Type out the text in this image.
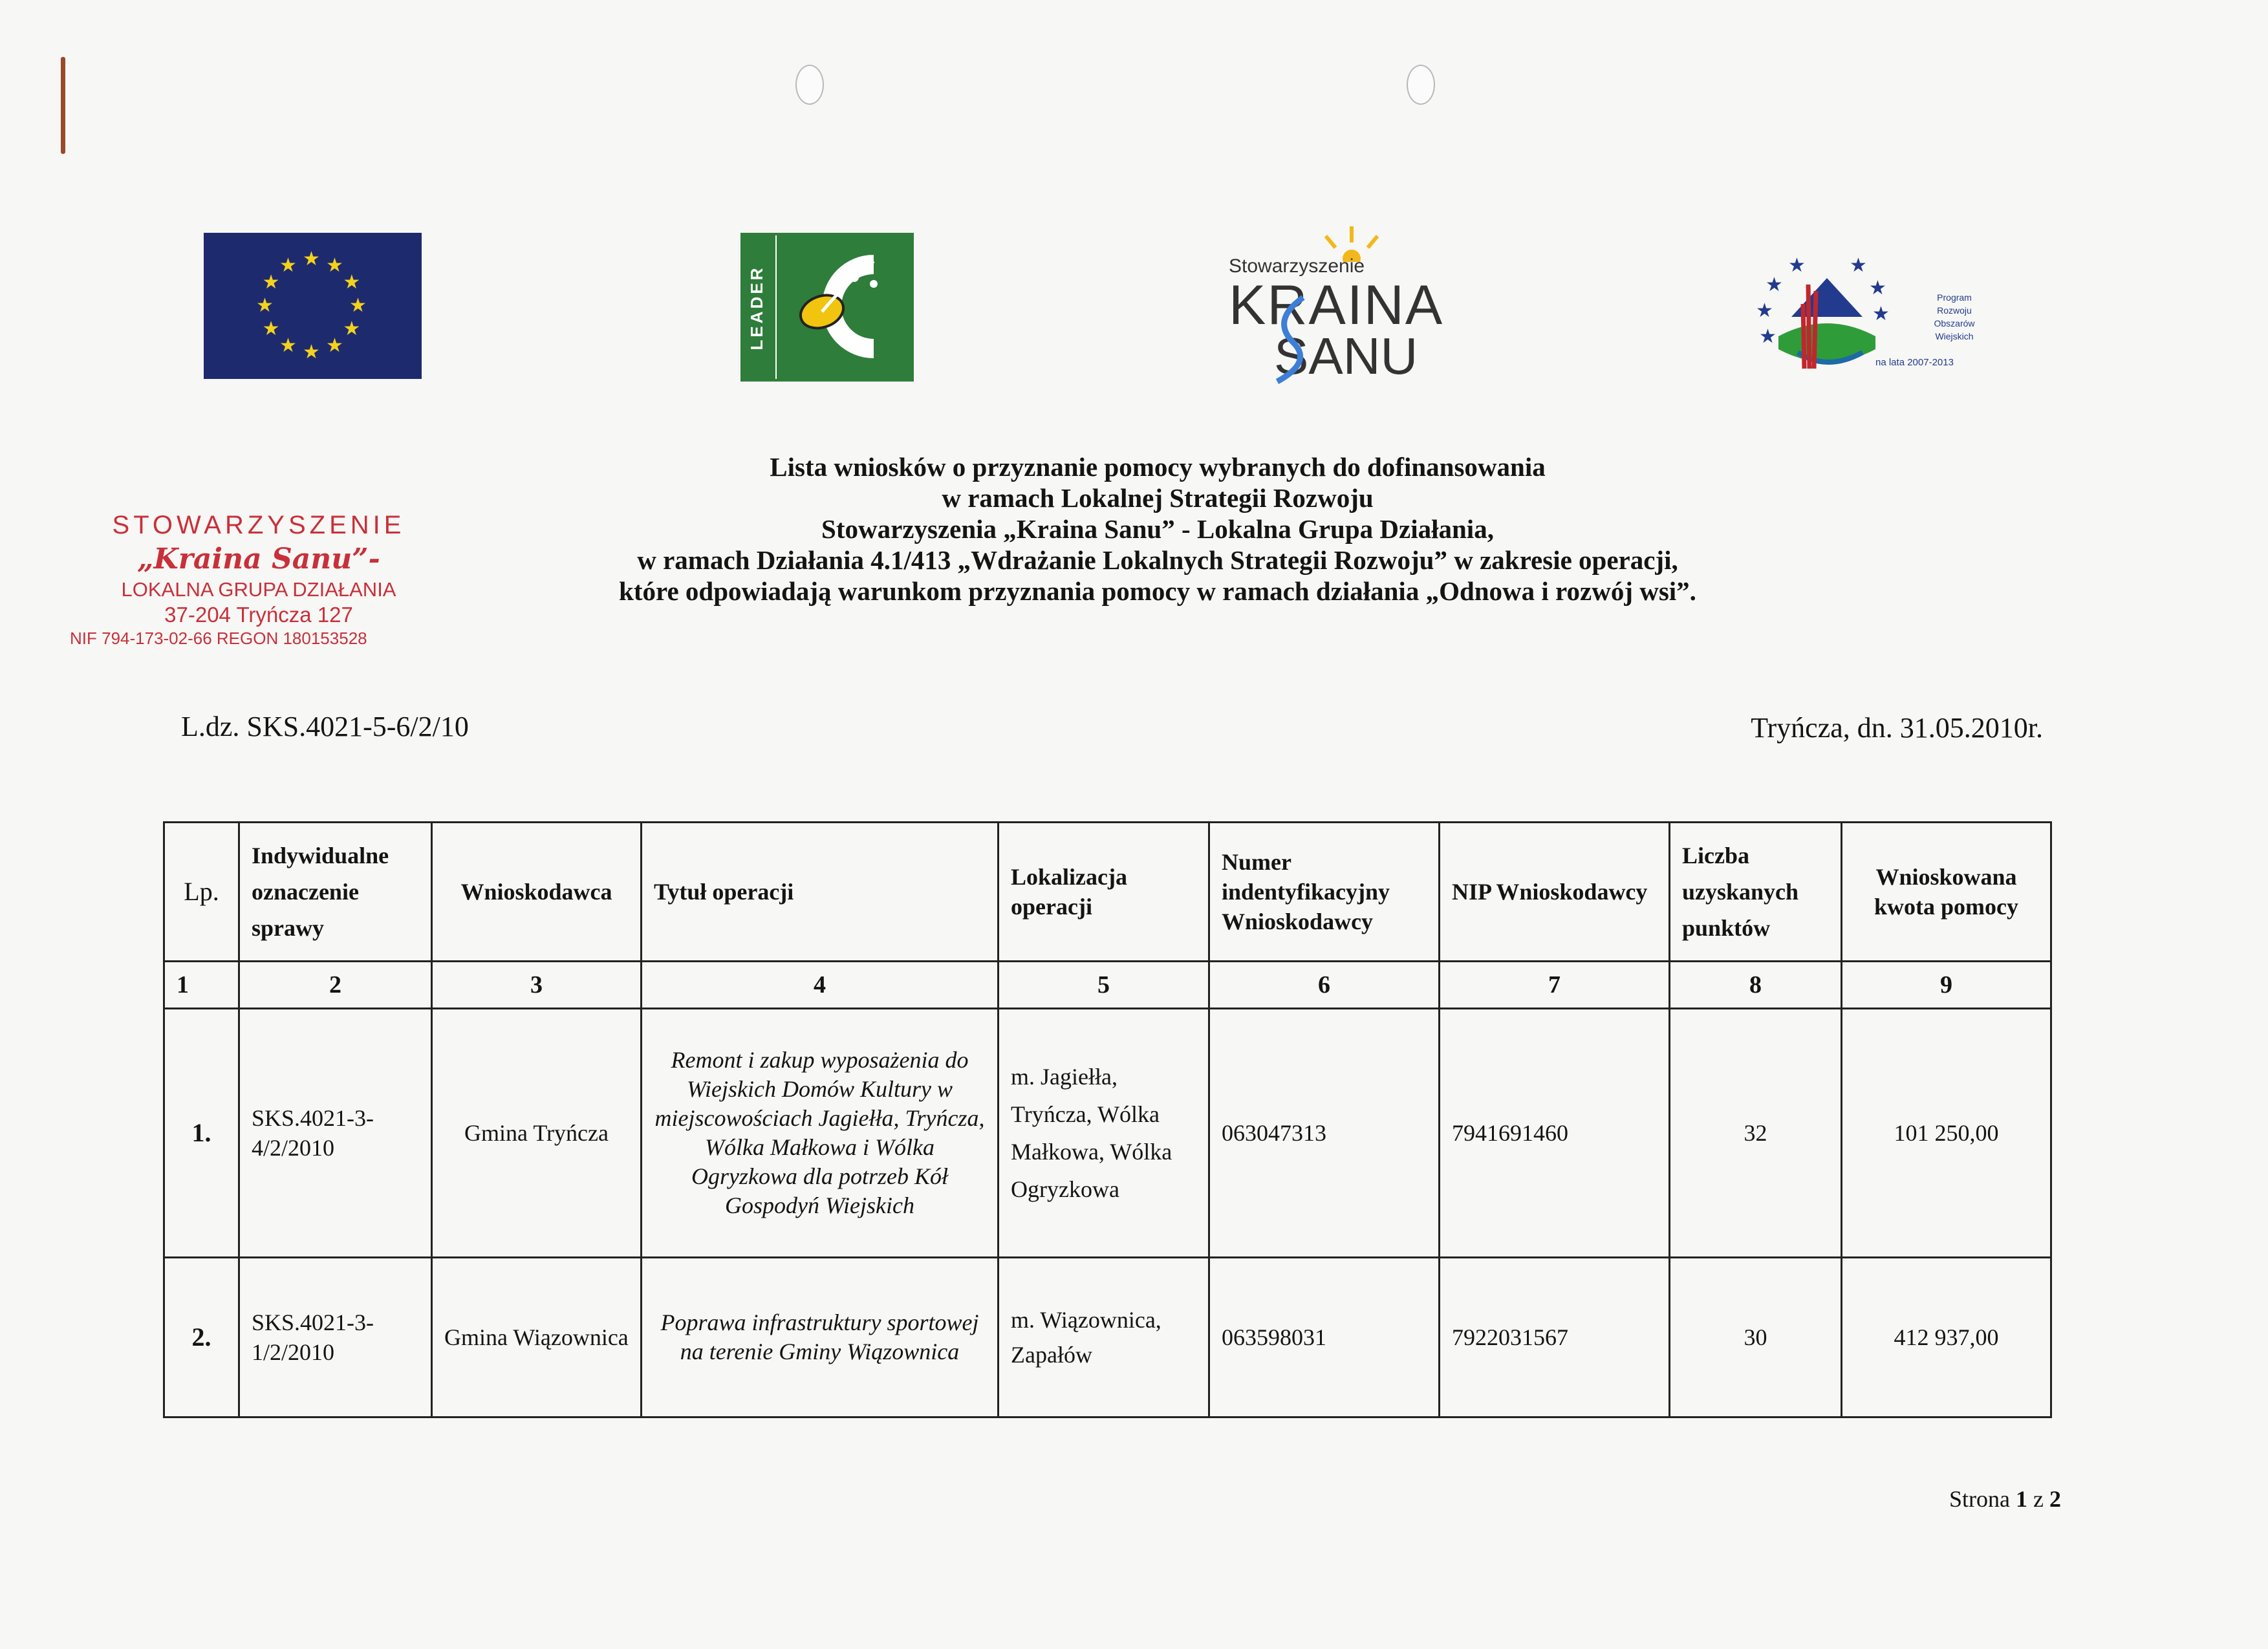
★ ★
★
★
★
★
★
★
★
★
★
★
LEADER	Stowarzyszenie
KRAINA
SANU
★
★
★
★ ★
★
★
Program
Rozwoju
Obszarów
Wiejskich
na lata 2007-2013
STOWARZYSZENIE
„Kraina Sanu”-
LOKALNA GRUPA DZIAŁANIA
37-204 Tryńcza 127
NIF 794-173-02-66 REGON 180153528
Lista wniosków o przyznanie pomocy wybranych do dofinansowania
w ramach Lokalnej Strategii Rozwoju
Stowarzyszenia „Kraina Sanu” - Lokalna Grupa Działania,
w ramach Działania 4.1/413 „Wdrażanie Lokalnych Strategii Rozwoju” w zakresie operacji,
które odpowiadają warunkom przyznania pomocy w ramach działania „Odnowa i rozwój wsi”.
L.dz. SKS.4021-5-6/2/10	Tryńcza, dn. 31.05.2010r.
Lp.	Indywidualne oznaczenie sprawy	Wnioskodawca	Tytuł operacji	Lokalizacja operacji	Numer indentyfikacyjny Wnioskodawcy	NIP Wnioskodawcy	Liczba uzyskanych punktów	Wnioskowana kwota pomocy
1	2	3	4	5	6	7	8	9
1.	SKS.4021-3-4/2/2010	Gmina Tryńcza	Remont i zakup wyposażenia do Wiejskich Domów Kultury w miejscowościach Jagiełła, Tryńcza, Wólka Małkowa i Wólka Ogryzkowa dla potrzeb Kół Gospodyń Wiejskich	m. Jagiełła, Tryńcza, Wólka Małkowa, Wólka Ogryzkowa	063047313	7941691460	32	101 250,00
2.	SKS.4021-3-1/2/2010	Gmina Wiązownica	Poprawa infrastruktury sportowej na terenie Gminy Wiązownica	m. Wiązownica, Zapałów	063598031	7922031567	30	412 937,00
Strona 1 z 2
